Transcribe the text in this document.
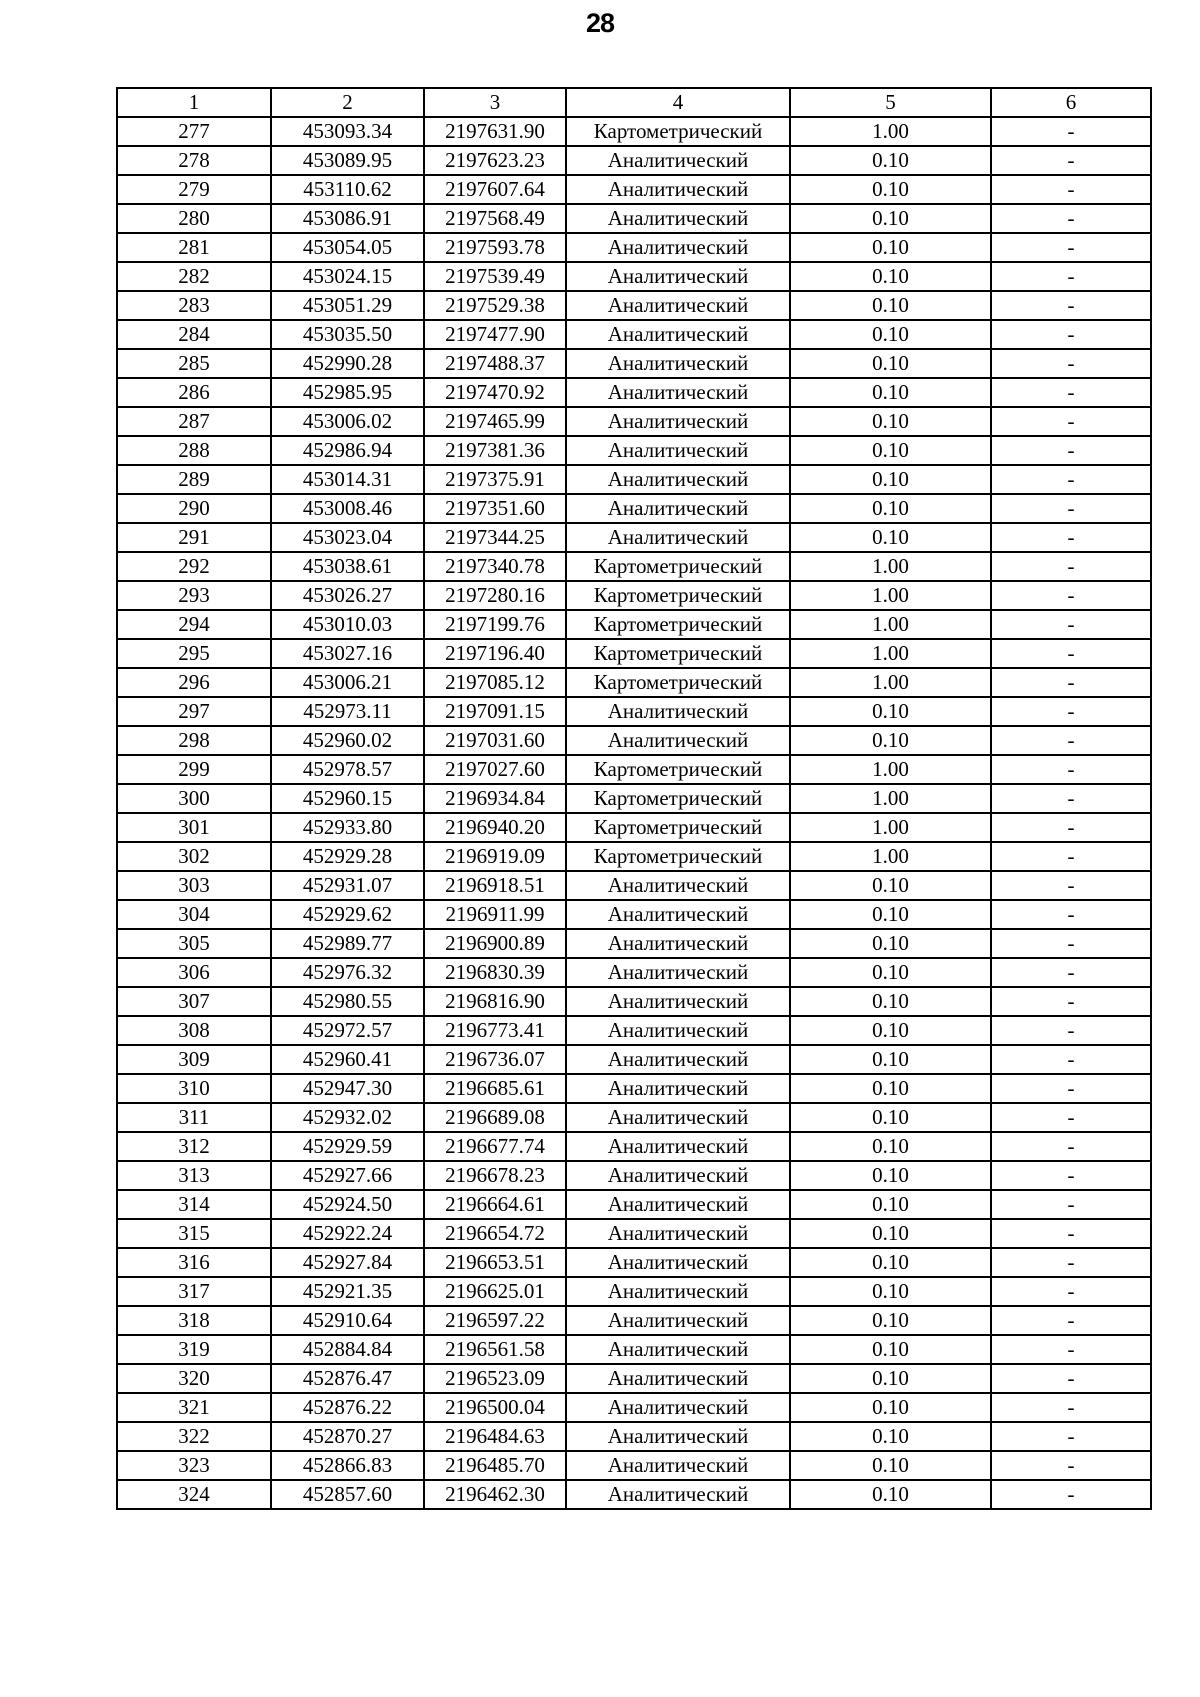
28
1	2	3	4	5	6
277	453093.34	2197631.90	Картометрический	1.00	-
278	453089.95	2197623.23	Аналитический	0.10	-
279	453110.62	2197607.64	Аналитический	0.10	-
280	453086.91	2197568.49	Аналитический	0.10	-
281	453054.05	2197593.78	Аналитический	0.10	-
282	453024.15	2197539.49	Аналитический	0.10	-
283	453051.29	2197529.38	Аналитический	0.10	-
284	453035.50	2197477.90	Аналитический	0.10	-
285	452990.28	2197488.37	Аналитический	0.10	-
286	452985.95	2197470.92	Аналитический	0.10	-
287	453006.02	2197465.99	Аналитический	0.10	-
288	452986.94	2197381.36	Аналитический	0.10	-
289	453014.31	2197375.91	Аналитический	0.10	-
290	453008.46	2197351.60	Аналитический	0.10	-
291	453023.04	2197344.25	Аналитический	0.10	-
292	453038.61	2197340.78	Картометрический	1.00	-
293	453026.27	2197280.16	Картометрический	1.00	-
294	453010.03	2197199.76	Картометрический	1.00	-
295	453027.16	2197196.40	Картометрический	1.00	-
296	453006.21	2197085.12	Картометрический	1.00	-
297	452973.11	2197091.15	Аналитический	0.10	-
298	452960.02	2197031.60	Аналитический	0.10	-
299	452978.57	2197027.60	Картометрический	1.00	-
300	452960.15	2196934.84	Картометрический	1.00	-
301	452933.80	2196940.20	Картометрический	1.00	-
302	452929.28	2196919.09	Картометрический	1.00	-
303	452931.07	2196918.51	Аналитический	0.10	-
304	452929.62	2196911.99	Аналитический	0.10	-
305	452989.77	2196900.89	Аналитический	0.10	-
306	452976.32	2196830.39	Аналитический	0.10	-
307	452980.55	2196816.90	Аналитический	0.10	-
308	452972.57	2196773.41	Аналитический	0.10	-
309	452960.41	2196736.07	Аналитический	0.10	-
310	452947.30	2196685.61	Аналитический	0.10	-
311	452932.02	2196689.08	Аналитический	0.10	-
312	452929.59	2196677.74	Аналитический	0.10	-
313	452927.66	2196678.23	Аналитический	0.10	-
314	452924.50	2196664.61	Аналитический	0.10	-
315	452922.24	2196654.72	Аналитический	0.10	-
316	452927.84	2196653.51	Аналитический	0.10	-
317	452921.35	2196625.01	Аналитический	0.10	-
318	452910.64	2196597.22	Аналитический	0.10	-
319	452884.84	2196561.58	Аналитический	0.10	-
320	452876.47	2196523.09	Аналитический	0.10	-
321	452876.22	2196500.04	Аналитический	0.10	-
322	452870.27	2196484.63	Аналитический	0.10	-
323	452866.83	2196485.70	Аналитический	0.10	-
324	452857.60	2196462.30	Аналитический	0.10	-
